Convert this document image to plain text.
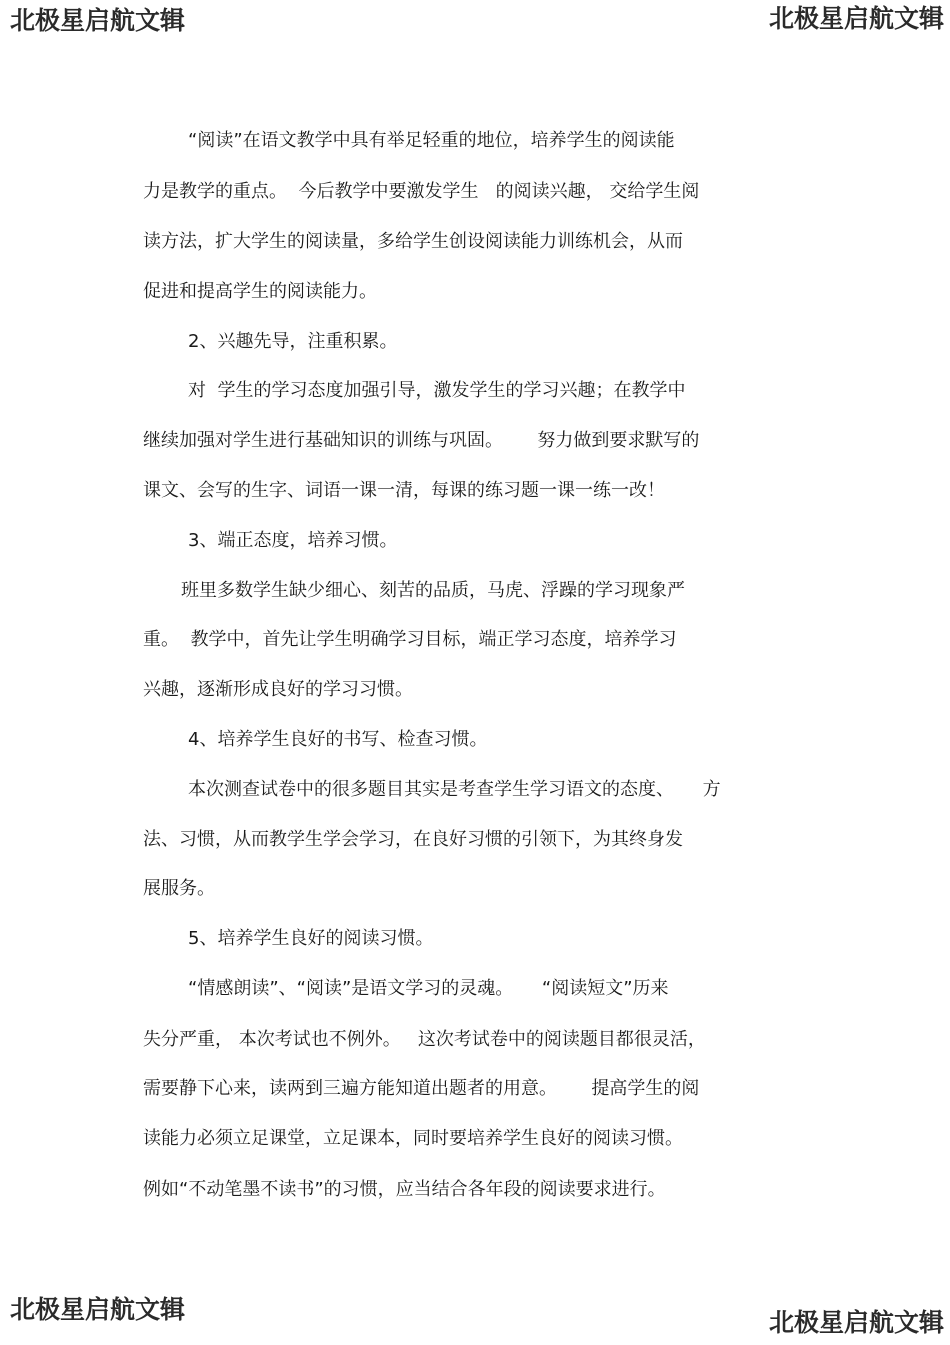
北极星启航文辑	北极星启航文辑
“阅读”在语文教学中具有举足轻重的地位，培养学生的阅读能
力是教学的重点。  今后教学中要激发学生   的阅读兴趣， 交给学生阅
读方法，扩大学生的阅读量，多给学生创设阅读能力训练机会，从而
促进和提高学生的阅读能力。
2、兴趣先导，注重积累。
对  学生的学习态度加强引导，激发学生的学习兴趣；在教学中
继续加强对学生进行基础知识的训练与巩固。      努力做到要求默写的
课文、会写的生字、词语一课一清，每课的练习题一课一练一改！
3、端正态度，培养习惯。
班里多数学生缺少细心、刻苦的品质，马虎、浮躁的学习现象严
重。  教学中，首先让学生明确学习目标，端正学习态度，培养学习
兴趣，逐渐形成良好的学习习惯。
4、培养学生良好的书写、检查习惯。
本次测查试卷中的很多题目其实是考查学生学习语文的态度、     方
法、习惯，从而教学生学会学习，在良好习惯的引领下，为其终身发
展服务。
5、培养学生良好的阅读习惯。
“情感朗读”、“阅读”是语文学习的灵魂。     “阅读短文”历来
失分严重， 本次考试也不例外。   这次考试卷中的阅读题目都很灵活，
需要静下心来，读两到三遍方能知道出题者的用意。      提高学生的阅
读能力必须立足课堂，立足课本，同时要培养学生良好的阅读习惯。
例如“不动笔墨不读书”的习惯，应当结合各年段的阅读要求进行。
北极星启航文辑	北极星启航文辑
